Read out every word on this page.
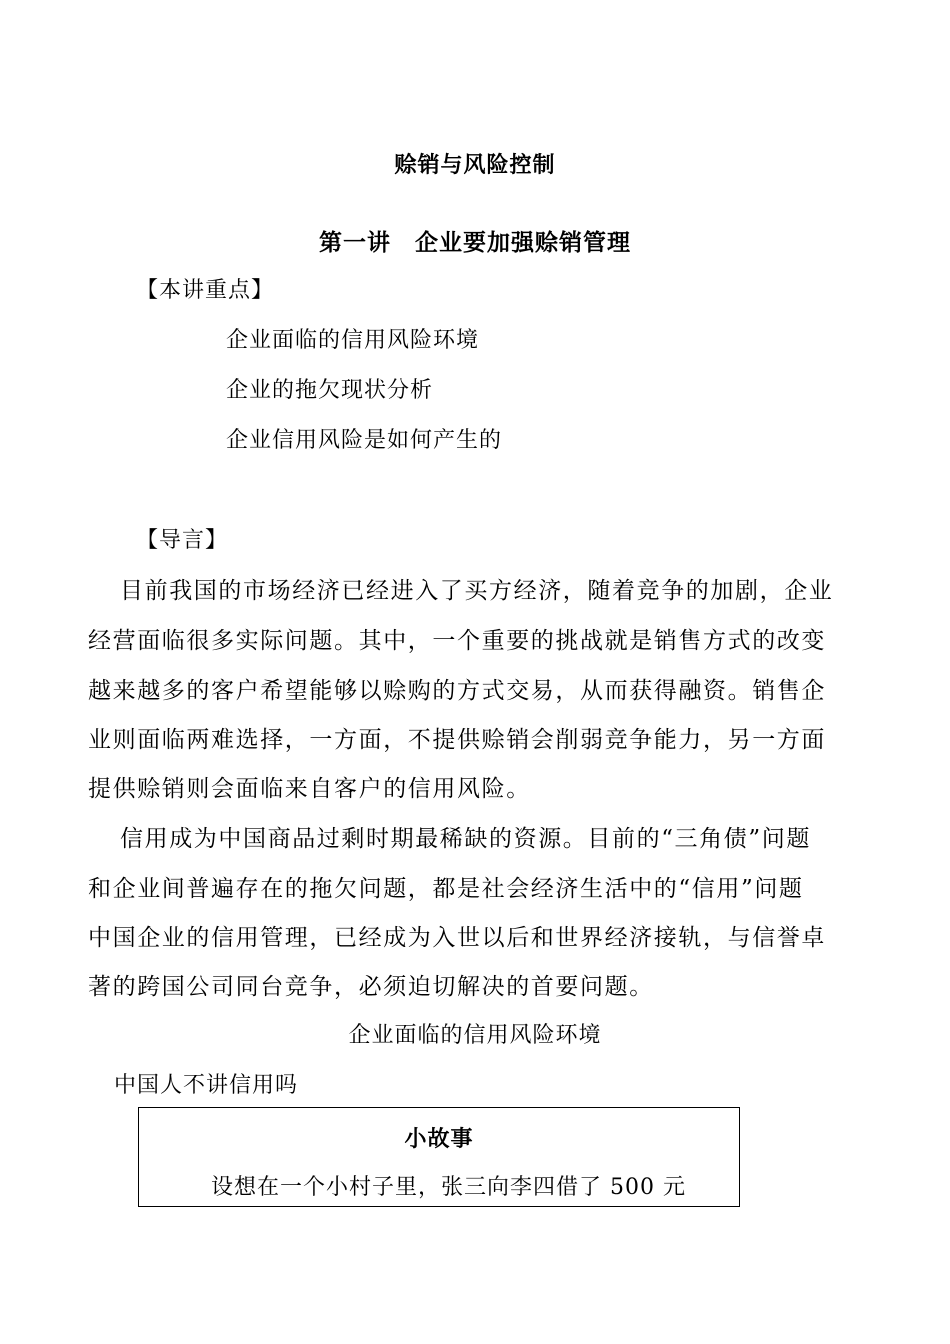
赊销与风险控制
第一讲　企业要加强赊销管理
【本讲重点】
企业面临的信用风险环境
企业的拖欠现状分析
企业信用风险是如何产生的
【导言】
目前我国的市场经济已经进入了买方经济，随着竞争的加剧，企业
经营面临很多实际问题。其中，一个重要的挑战就是销售方式的改变
越来越多的客户希望能够以赊购的方式交易，从而获得融资。销售企
业则面临两难选择，一方面，不提供赊销会削弱竞争能力，另一方面
提供赊销则会面临来自客户的信用风险。
信用成为中国商品过剩时期最稀缺的资源。目前的“三角债”问题
和企业间普遍存在的拖欠问题，都是社会经济生活中的“信用”问题
中国企业的信用管理，已经成为入世以后和世界经济接轨，与信誉卓
著的跨国公司同台竞争，必须迫切解决的首要问题。
企业面临的信用风险环境
中国人不讲信用吗
小故事
设想在一个小村子里，张三向李四借了 500 元
